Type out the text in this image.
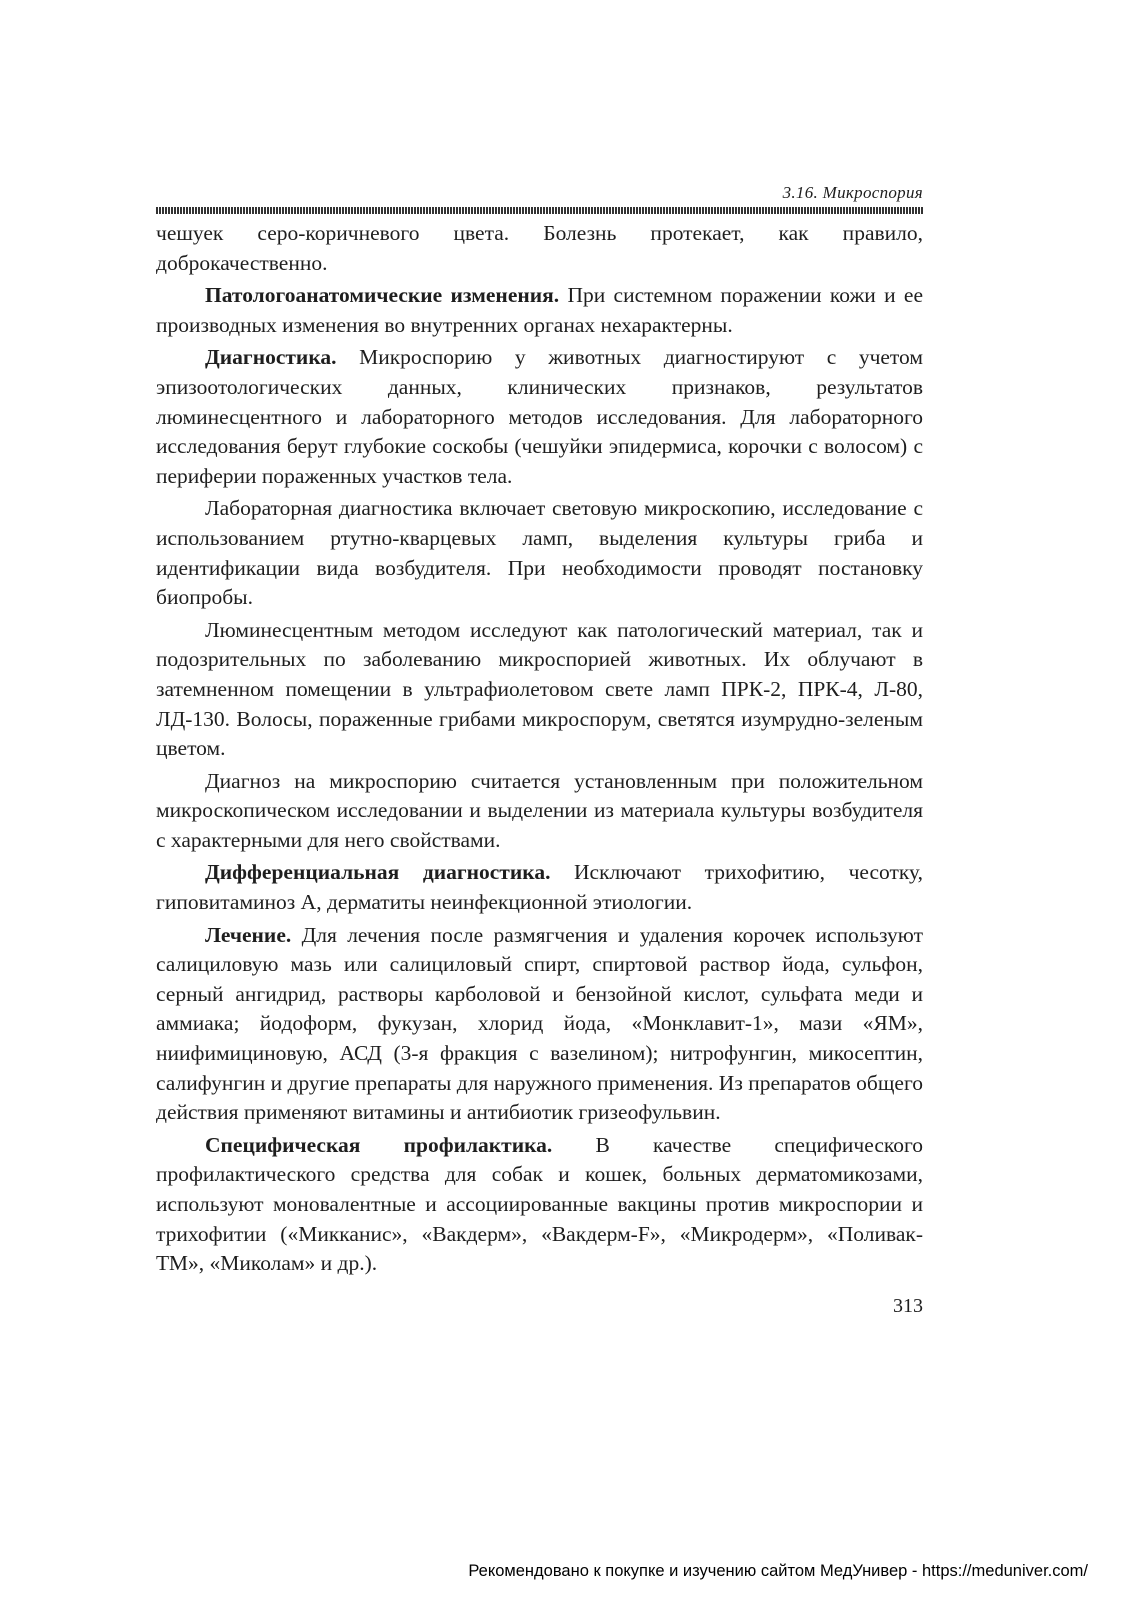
3.16. Микроспория

чешуек серо-коричневого цвета. Болезнь протекает, как правило, доброкачественно.

Патологоанатомические изменения. При системном поражении кожи и ее производных изменения во внутренних органах нехарактерны.

Диагностика. Микроспорию у животных диагностируют с учетом эпизоотологических данных, клинических признаков, результатов люминесцентного и лабораторного методов исследования. Для лабораторного исследования берут глубокие соскобы (чешуйки эпидермиса, корочки с волосом) с периферии пораженных участков тела.

Лабораторная диагностика включает световую микроскопию, исследование с использованием ртутно-кварцевых ламп, выделения культуры гриба и идентификации вида возбудителя. При необходимости проводят постановку биопробы.

Люминесцентным методом исследуют как патологический материал, так и подозрительных по заболеванию микроспорией животных. Их облучают в затемненном помещении в ультрафиолетовом свете ламп ПРК-2, ПРК-4, Л-80, ЛД-130. Волосы, пораженные грибами микроспорум, светятся изумрудно-зеленым цветом.

Диагноз на микроспорию считается установленным при положительном микроскопическом исследовании и выделении из материала культуры возбудителя с характерными для него свойствами.

Дифференциальная диагностика. Исключают трихофитию, чесотку, гиповитаминоз А, дерматиты неинфекционной этиологии.

Лечение. Для лечения после размягчения и удаления корочек используют салициловую мазь или салициловый спирт, спиртовой раствор йода, сульфон, серный ангидрид, растворы карболовой и бензойной кислот, сульфата меди и аммиака; йодоформ, фукузан, хлорид йода, «Монклавит-1», мази «ЯМ», ниифимициновую, АСД (3-я фракция с вазелином); нитрофунгин, микосептин, салифунгин и другие препараты для наружного применения. Из препаратов общего действия применяют витамины и антибиотик гризеофульвин.

Специфическая профилактика. В качестве специфического профилактического средства для собак и кошек, больных дерматомикозами, используют моновалентные и ассоциированные вакцины против микроспории и трихофитии («Микканис», «Вакдерм», «Вакдерм-F», «Микродерм», «Поливак-ТМ», «Миколам» и др.).

313
Рекомендовано к покупке и изучению сайтом МедУнивер - https://meduniver.com/
